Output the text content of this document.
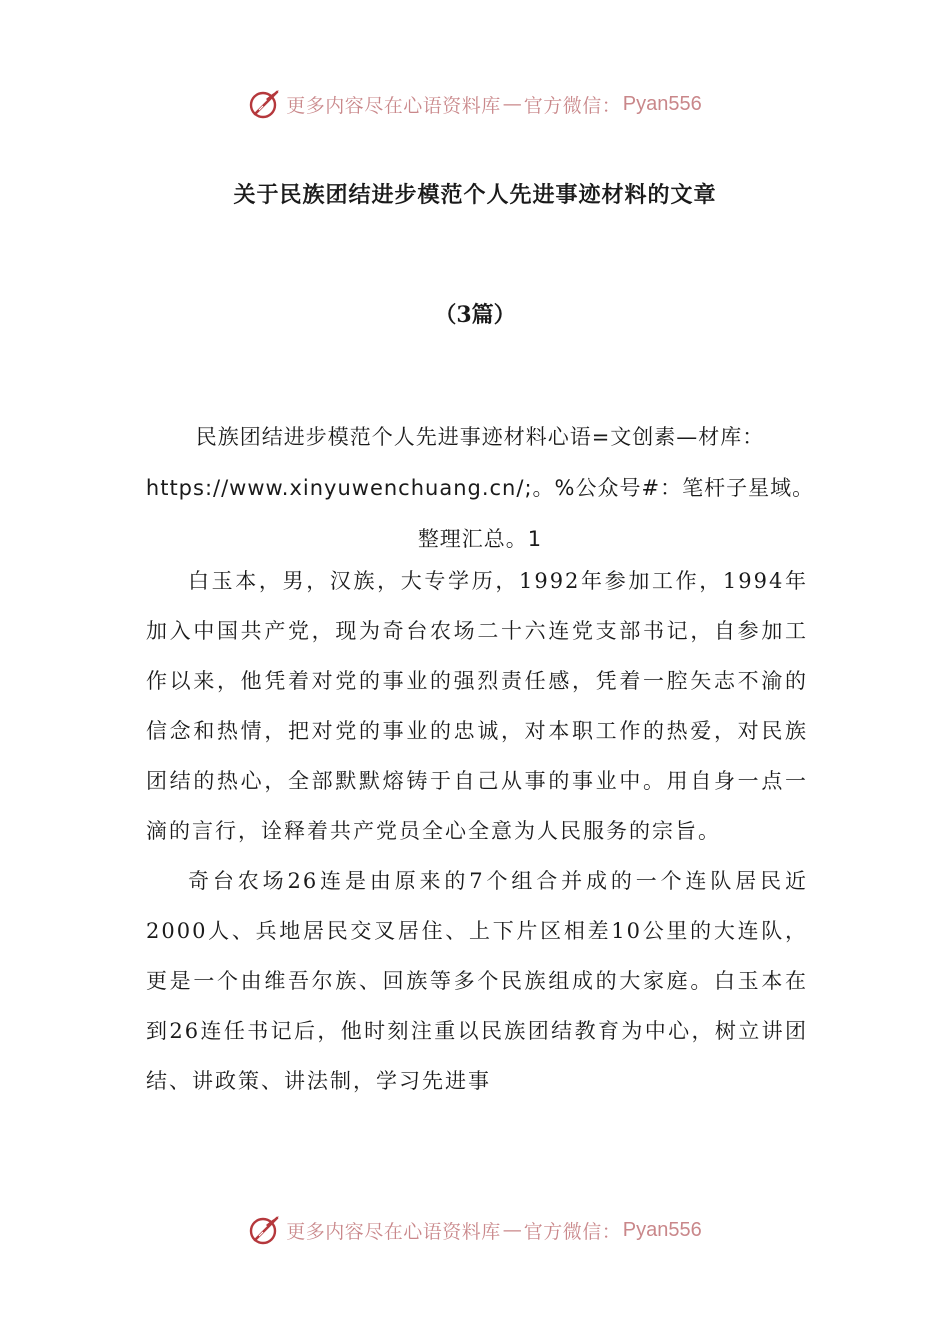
更多内容尽在心语资料库 — 官方微信 ： Pyan556
关于民族团结进步模范个人先进事迹材料的文章
（3篇）
民族团结进步模范个人先进事迹材料心语=文创素—材库：
https://www.xinyuwenchuang.cn/;。%公众号#：笔杆子星域。
整理汇总。1

白玉本，男，汉族，大专学历，1992年参加工作，1994年加入中国共产党，现为奇台农场二十六连党支部书记，自参加工作以来，他凭着对党的事业的强烈责任感，凭着一腔矢志不渝的信念和热情，把对党的事业的忠诚，对本职工作的热爱，对民族团结的热心，全部默默熔铸于自己从事的事业中。用自身一点一滴的言行，诠释着共产党员全心全意为人民服务的宗旨。

奇台农场26连是由原来的7个组合并成的一个连队居民近2000人、兵地居民交叉居住、上下片区相差10公里的大连队，更是一个由维吾尔族、回族等多个民族组成的大家庭。白玉本在到26连任书记后，他时刻注重以民族团结教育为中心，树立讲团结、讲政策、讲法制，学习先进事

更多内容尽在心语资料库 — 官方微信 ： Pyan556
